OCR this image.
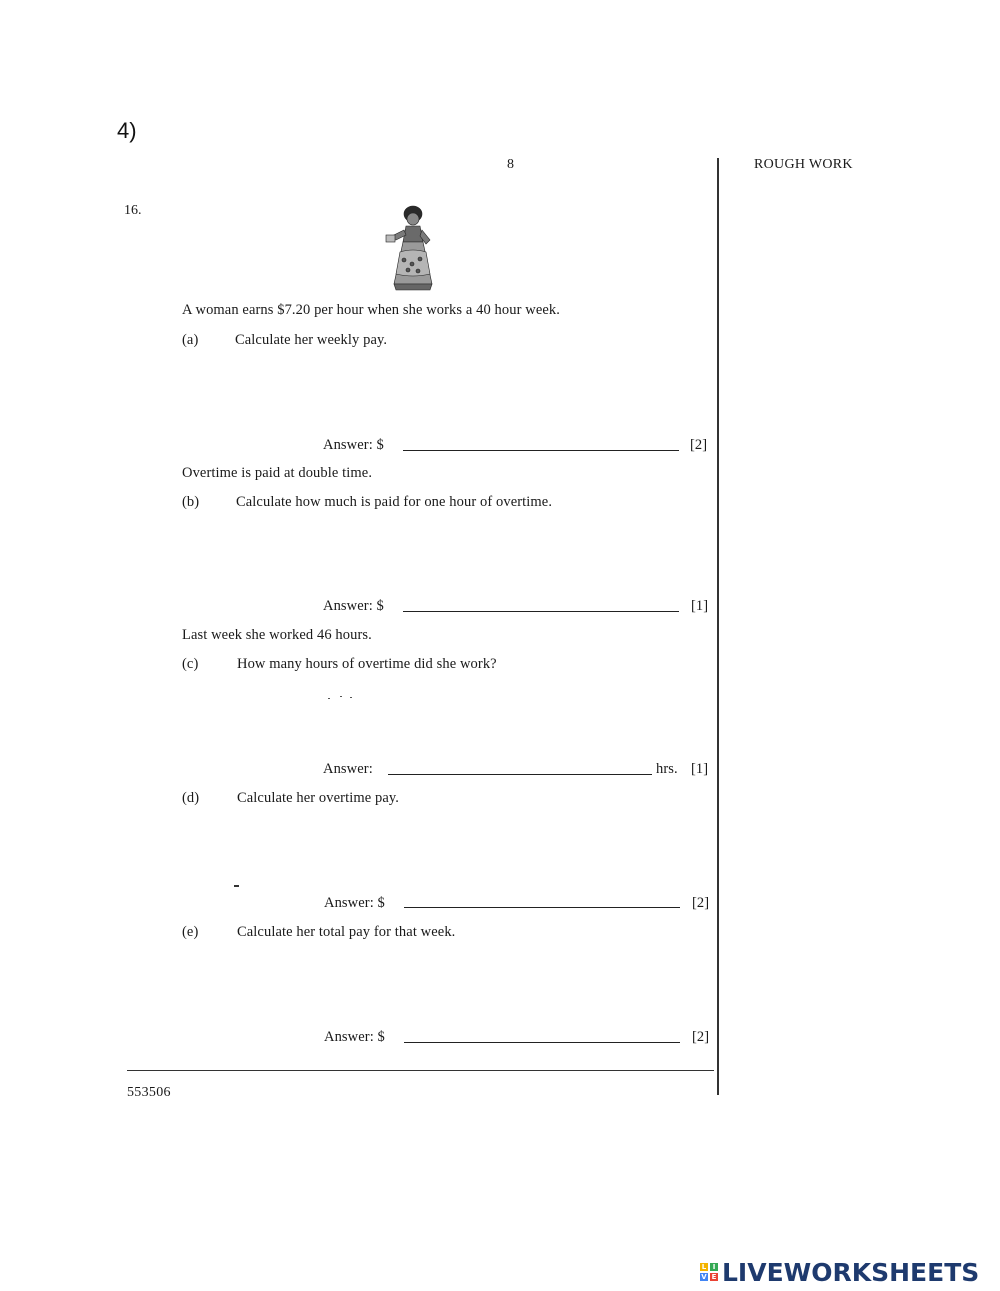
4)
8	ROUGH WORK
16.
A woman earns $7.20 per hour when she works a 40 hour week.
(a)	Calculate her weekly pay.
Answer: $	[2]
Overtime is paid at double time.
(b)	Calculate how much is paid for one hour of overtime.
Answer: $	[1]
Last week she worked 46 hours.
(c)	How many hours of overtime did she work?
Answer:	hrs. [1]
(d)	Calculate her overtime pay.
Answer: $	[2]
(e)	Calculate her total pay for that week.
Answer: $	[2]
553506
L I
V E LIVEWORKSHEETS
